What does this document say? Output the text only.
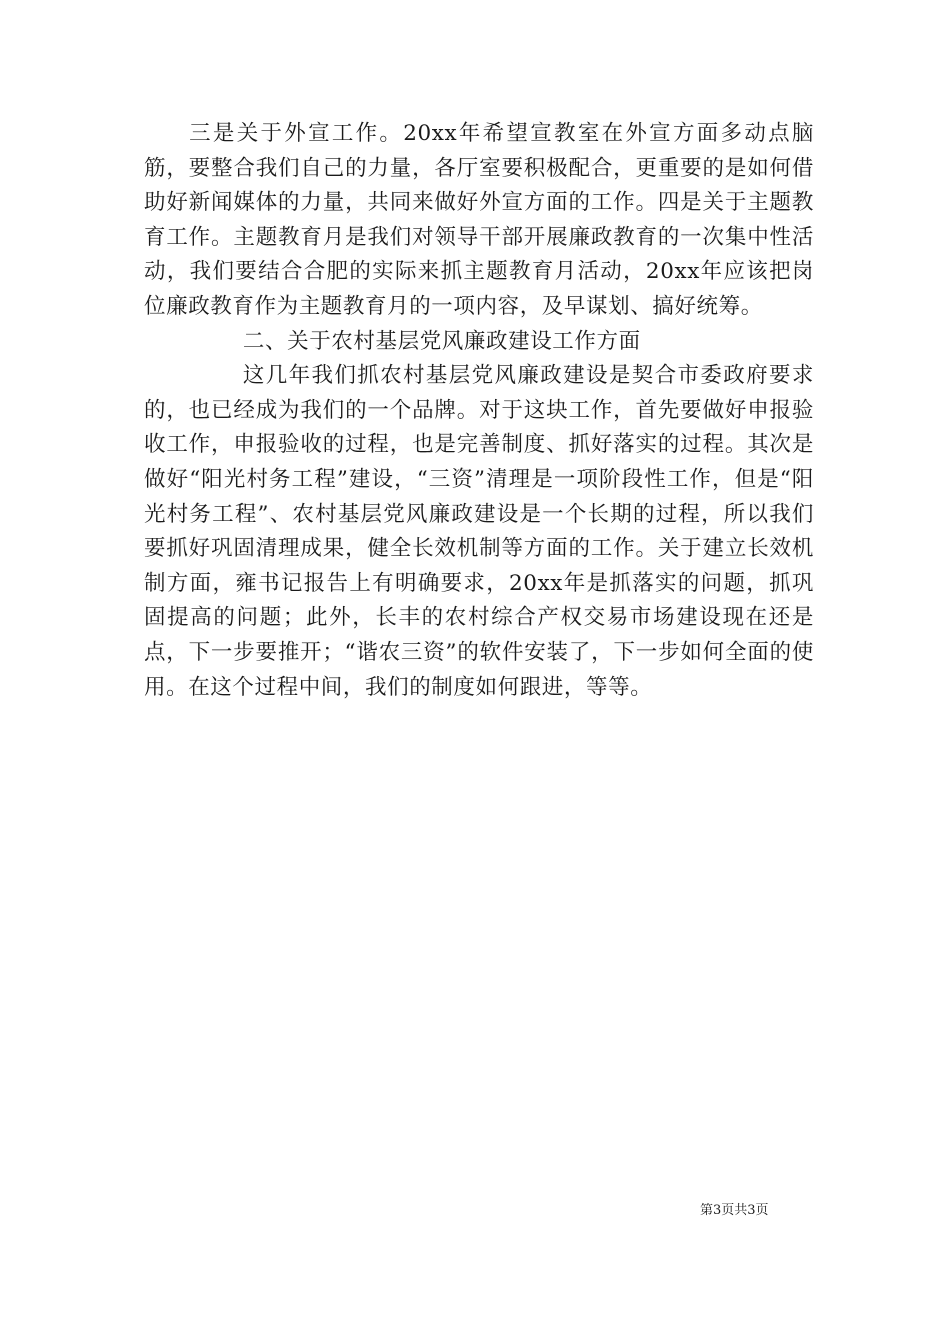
三是关于外宣工作。20xx年希望宣教室在外宣方面多动点脑筋，要整合我们自己的力量，各厅室要积极配合，更重要的是如何借助好新闻媒体的力量，共同来做好外宣方面的工作。四是关于主题教育工作。主题教育月是我们对领导干部开展廉政教育的一次集中性活动，我们要结合合肥的实际来抓主题教育月活动，20xx年应该把岗位廉政教育作为主题教育月的一项内容，及早谋划、搞好统筹。

二、关于农村基层党风廉政建设工作方面

这几年我们抓农村基层党风廉政建设是契合市委政府要求的，也已经成为我们的一个品牌。对于这块工作，首先要做好申报验收工作，申报验收的过程，也是完善制度、抓好落实的过程。其次是做好“阳光村务工程”建设，“三资”清理是一项阶段性工作，但是“阳光村务工程”、农村基层党风廉政建设是一个长期的过程，所以我们要抓好巩固清理成果，健全长效机制等方面的工作。关于建立长效机制方面，雍书记报告上有明确要求，20xx年是抓落实的问题，抓巩固提高的问题；此外，长丰的农村综合产权交易市场建设现在还是点，下一步要推开；“谐农三资”的软件安装了，下一步如何全面的使用。在这个过程中间，我们的制度如何跟进，等等。

第3页共3页
